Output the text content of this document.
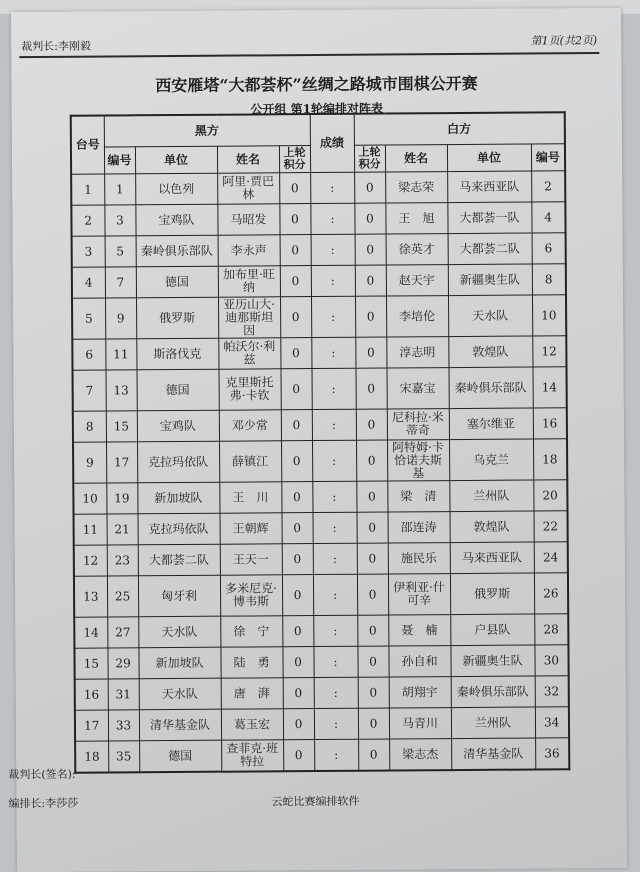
裁判长:李刚毅	第1页(共2页)
西安雁塔“大都荟杯”丝绸之路城市围棋公开赛
公开组 第1轮编排对阵表
台号	黑方				成绩	白方			
	编号	单位	姓名	上轮积分		上轮积分	姓名	单位	编号
1	1	以色列	阿里·贾巴林	0	:	0	梁志荣	马来西亚队	2
2	3	宝鸡队	马昭发	0	:	0	王　旭	大都荟一队	4
3	5	秦岭俱乐部队	李永声	0	:	0	徐英才	大都荟二队	6
4	7	德国	加布里·旺纳	0	:	0	赵天宇	新疆奥生队	8
5	9	俄罗斯	亚历山大·迪那斯坦因	0	:	0	李培伦	天水队	10
6	11	斯洛伐克	帕沃尔·利兹	0	:	0	淳志明	敦煌队	12
7	13	德国	克里斯托弗·卡钦	0	:	0	宋嘉宝	秦岭俱乐部队	14
8	15	宝鸡队	邓少常	0	:	0	尼科拉·米蒂奇	塞尔维亚	16
9	17	克拉玛依队	薛镇江	0	:	0	阿特姆·卡恰诺夫斯基	乌克兰	18
10	19	新加坡队	王　川	0	:	0	梁　清	兰州队	20
11	21	克拉玛依队	王朝辉	0	:	0	邵连涛	敦煌队	22
12	23	大都荟二队	王天一	0	:	0	施民乐	马来西亚队	24
13	25	匈牙利	多米尼克·博韦斯	0	:	0	伊利亚·什可辛	俄罗斯	26
14	27	天水队	徐　宁	0	:	0	聂　楠	户县队	28
15	29	新加坡队	陆　勇	0	:	0	孙自和	新疆奥生队	30
16	31	天水队	唐　湃	0	:	0	胡翔宇	秦岭俱乐部队	32
17	33	清华基金队	葛玉宏	0	:	0	马青川	兰州队	34
18	35	德国	查菲克·班特拉	0	:	0	梁志杰	清华基金队	36
裁判长(签名):
编排长:李莎莎	云蛇比赛编排软件
